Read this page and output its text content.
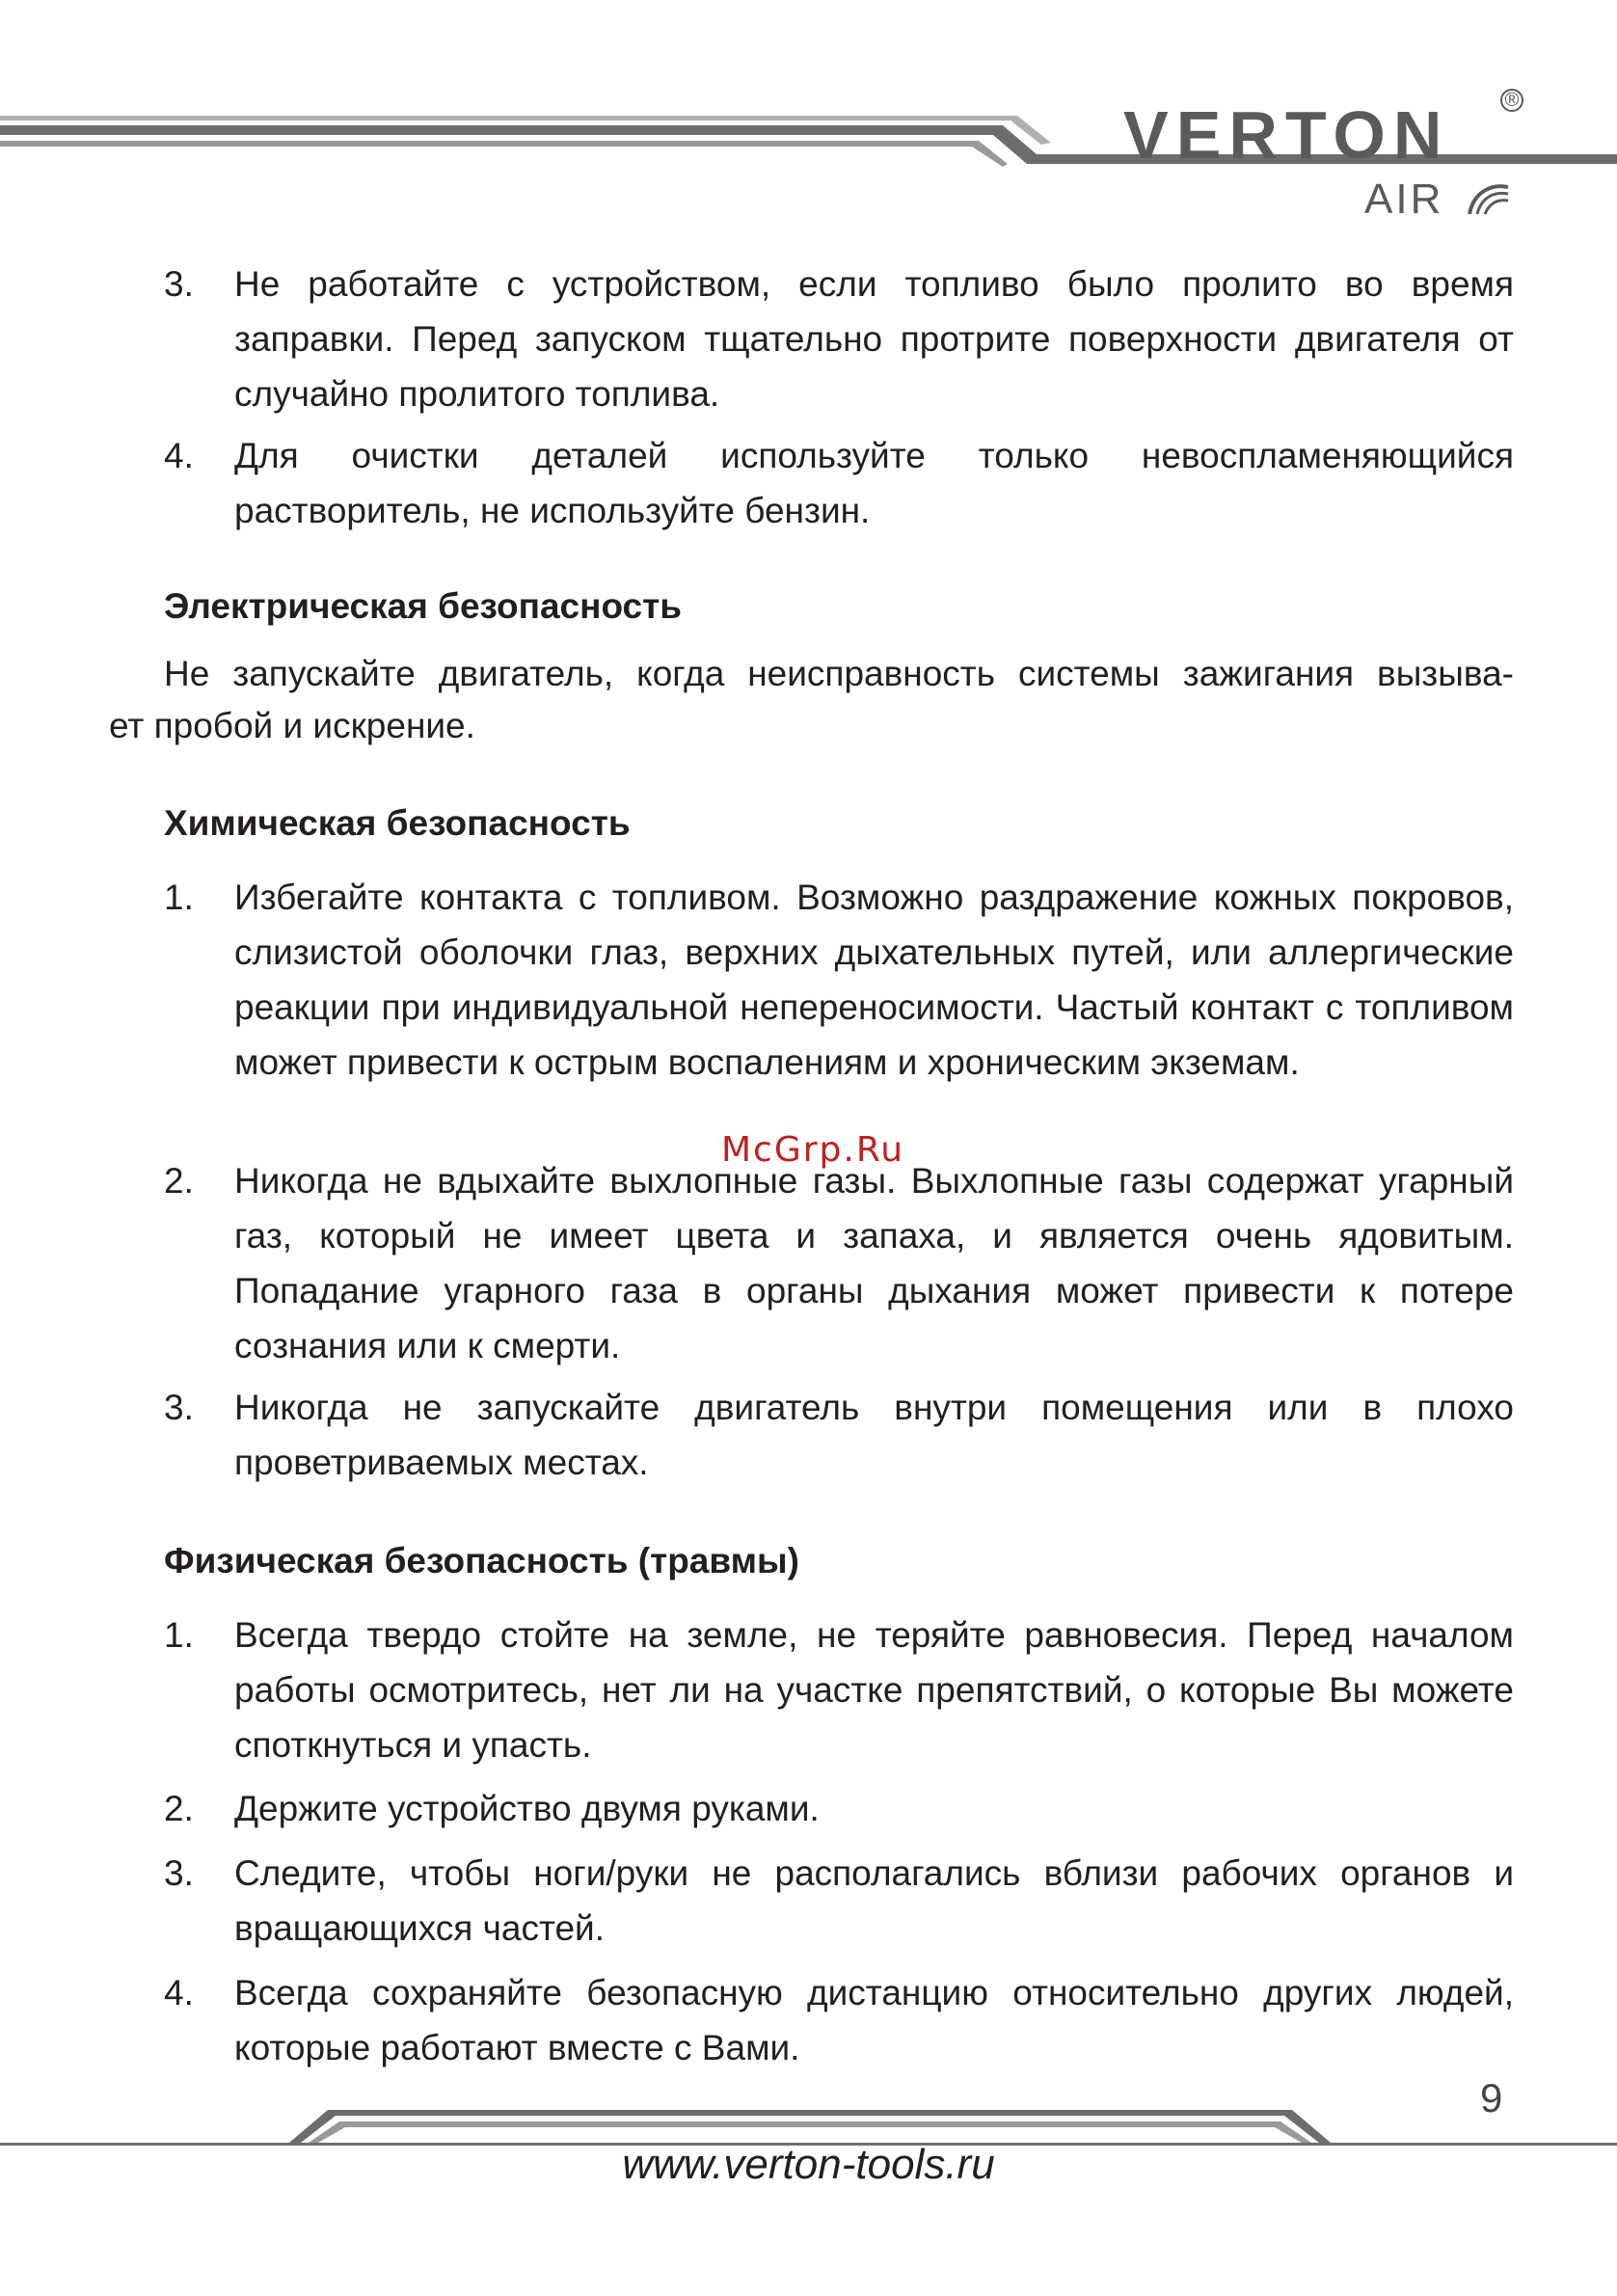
VERTON	®
AIR
3.	Не работайте с устройством, если топливо было пролито во время заправки. Перед запуском тщательно протрите поверхности двигателя от случайно пролитого топлива.
4.	Для очистки деталей используйте только невоспламеняющийся растворитель, не используйте бензин.
Электрическая безопасность
Не запускайте двигатель, когда неисправность системы зажигания вызыва-
ет пробой и искрение.
Химическая безопасность
1.	Избегайте контакта с топливом. Возможно раздражение кожных покровов, слизистой оболочки глаз, верхних дыхательных путей, или аллергические реакции при индивидуальной непереносимости. Частый контакт с топливом может привести к острым воспалениям и хроническим экземам.
2.	Никогда не вдыхайте выхлопные газы. Выхлопные газы содержат угарный газ, который не имеет цвета и запаха, и является очень ядовитым. Попадание угарного газа в органы дыхания может привести к потере сознания или к смерти.
3.	Никогда не запускайте двигатель внутри помещения или в плохо проветриваемых местах.
Физическая безопасность (травмы)
1.	Всегда твердо стойте на земле, не теряйте равновесия. Перед началом работы осмотритесь, нет ли на участке препятствий, о которые Вы можете споткнуться и упасть.
2.	Держите устройство двумя руками.
3.	Следите, чтобы ноги/руки не располагались вблизи рабочих органов и вращающихся частей.
4.	Всегда сохраняйте безопасную дистанцию относительно других людей, которые работают вместе с Вами.
McGrp.Ru
9
www.verton-tools.ru
